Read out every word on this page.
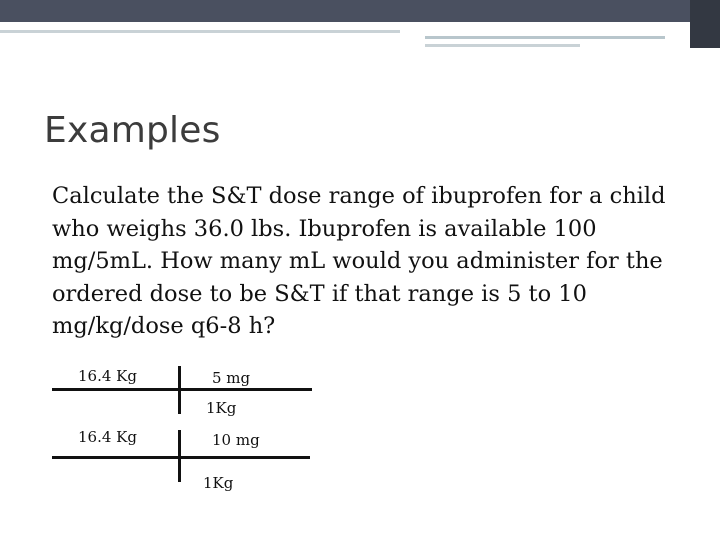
Examples

Calculate the S&T dose range of ibuprofen for a child who weighs 36.0 lbs. Ibuprofen is available 100 mg/5mL. How many mL would you administer for the ordered dose to be S&T if that range is 5 to 10 mg/kg/dose q6-8 h?

16.4 Kg	5 mg
1Kg
16.4 Kg	10 mg
1Kg
